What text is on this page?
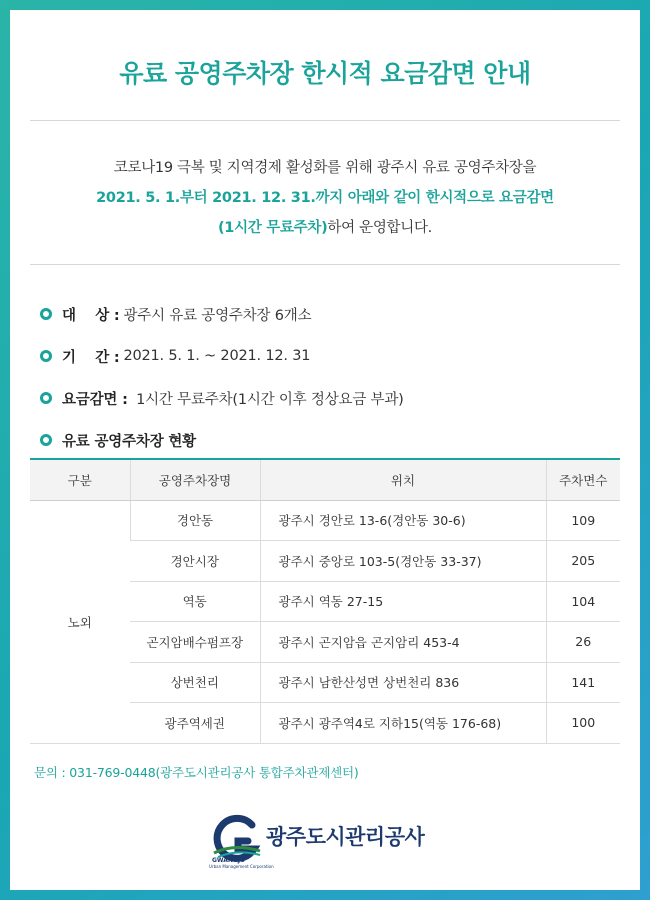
유료 공영주차장 한시적 요금감면 안내
코로나19 극복 및 지역경제 활성화를 위해 광주시 유료 공영주차장을
2021. 5. 1.부터 2021. 12. 31.까지 아래와 같이 한시적으로 요금감면
(1시간 무료주차)하여 운영합니다.
대    상 : 광주시 유료 공영주차장 6개소
기    간 : 2021. 5. 1. ~ 2021. 12. 31
요금감면 : 1시간 무료주차(1시간 이후 정상요금 부과)
유료 공영주차장 현황
구분	공영주차장명	위치	주차면수
노외	경안동	광주시 경안로 13-6(경안동 30-6)	109
	경안시장	광주시 중앙로 103-5(경안동 33-37)	205
	역동	광주시 역동 27-15	104
	곤지암배수펌프장	광주시 곤지암읍 곤지암리 453-4	26
	상번천리	광주시 남한산성면 상번천리 836	141
	광주역세권	광주시 광주역4로 지하15(역동 176-68)	100
문의 : 031-769-0448(광주도시관리공사 통합주차관제센터)
광주도시관리공사
GWANGJU
Urban Management Corporation
